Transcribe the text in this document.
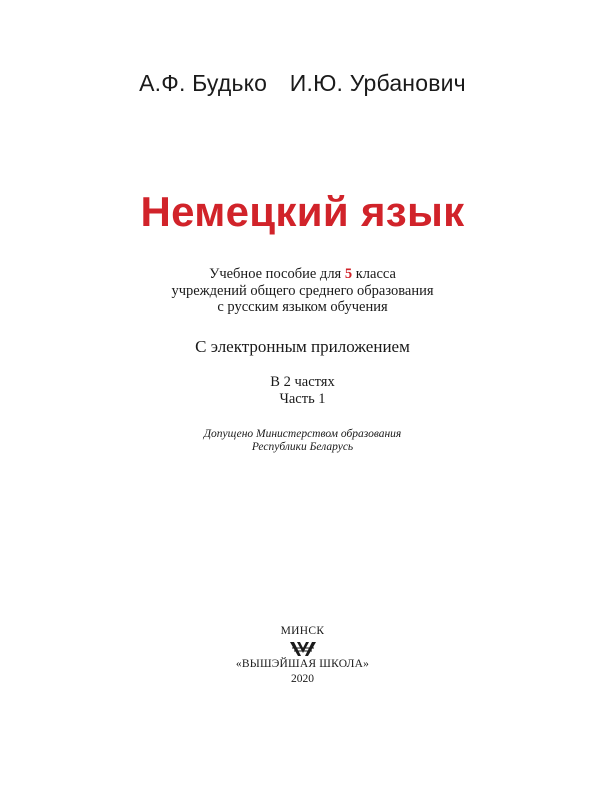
А.Ф. Будько И.Ю. Урбанович
Немецкий язык
Учебное пособие для 5 класса
учреждений общего среднего образования
с русским языком обучения
С электронным приложением
В 2 частях
Часть 1
Допущено Министерством образования
Республики Беларусь
МИНСК
«ВЫШЭЙШАЯ ШКОЛА»
2020
